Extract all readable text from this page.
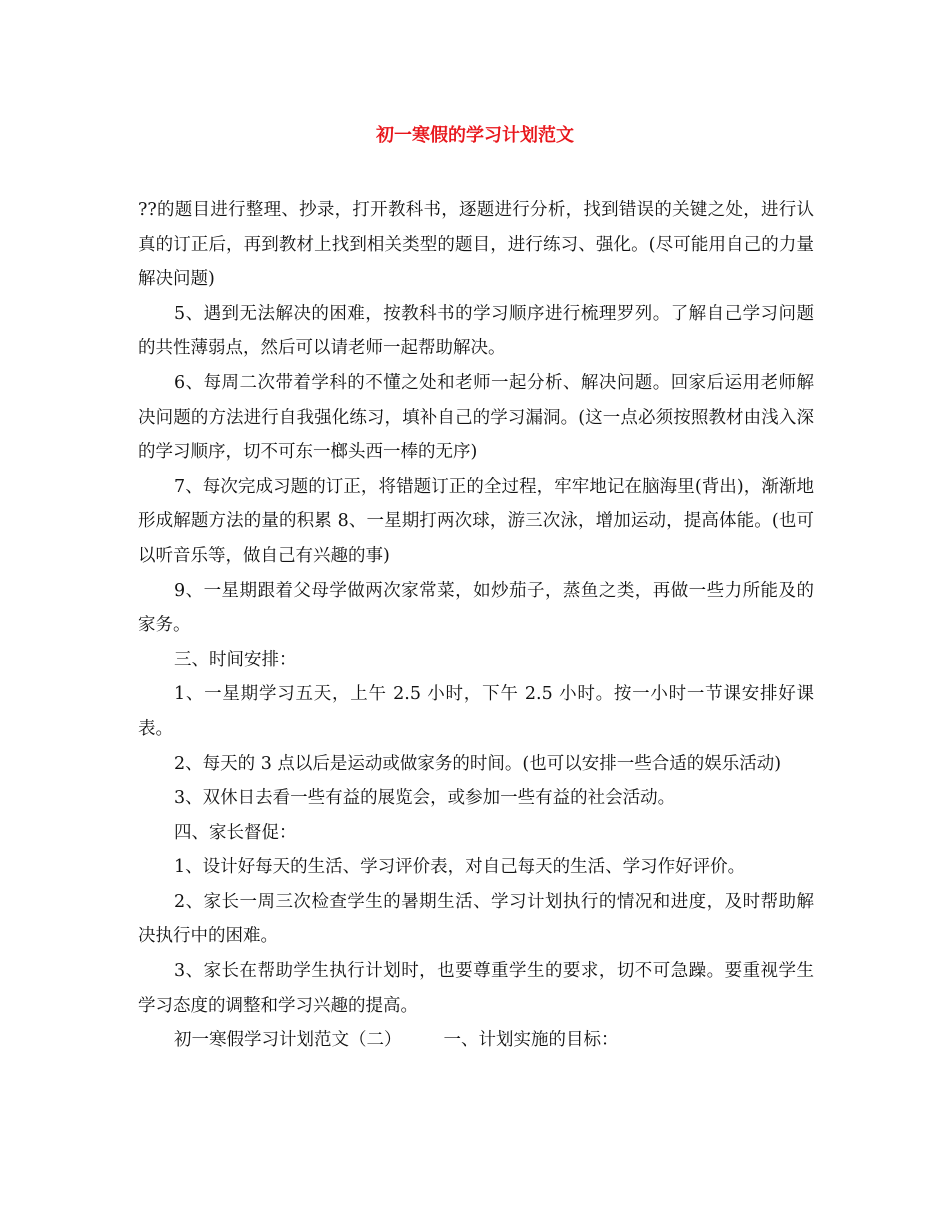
初一寒假的学习计划范文

??的题目进行整理、抄录，打开教科书，逐题进行分析，找到错误的关键之处，进行认真的订正后，再到教材上找到相关类型的题目，进行练习、强化。(尽可能用自己的力量解决问题)

5、遇到无法解决的困难，按教科书的学习顺序进行梳理罗列。了解自己学习问题的共性薄弱点，然后可以请老师一起帮助解决。

6、每周二次带着学科的不懂之处和老师一起分析、解决问题。回家后运用老师解决问题的方法进行自我强化练习，填补自己的学习漏洞。(这一点必须按照教材由浅入深的学习顺序，切不可东一榔头西一棒的无序)

7、每次完成习题的订正，将错题订正的全过程，牢牢地记在脑海里(背出)，渐渐地形成解题方法的量的积累 8、一星期打两次球，游三次泳，增加运动，提高体能。(也可以听音乐等，做自己有兴趣的事)

9、一星期跟着父母学做两次家常菜，如炒茄子，蒸鱼之类，再做一些力所能及的家务。

三、时间安排：

1、一星期学习五天，上午 2.5 小时，下午 2.5 小时。按一小时一节课安排好课表。

2、每天的 3 点以后是运动或做家务的时间。(也可以安排一些合适的娱乐活动)

3、双休日去看一些有益的展览会，或参加一些有益的社会活动。

四、家长督促：

1、设计好每天的生活、学习评价表，对自己每天的生活、学习作好评价。

2、家长一周三次检查学生的暑期生活、学习计划执行的情况和进度，及时帮助解决执行中的困难。

3、家长在帮助学生执行计划时，也要尊重学生的要求，切不可急躁。要重视学生学习态度的调整和学习兴趣的提高。

初一寒假学习计划范文（二） 一、计划实施的目标：
